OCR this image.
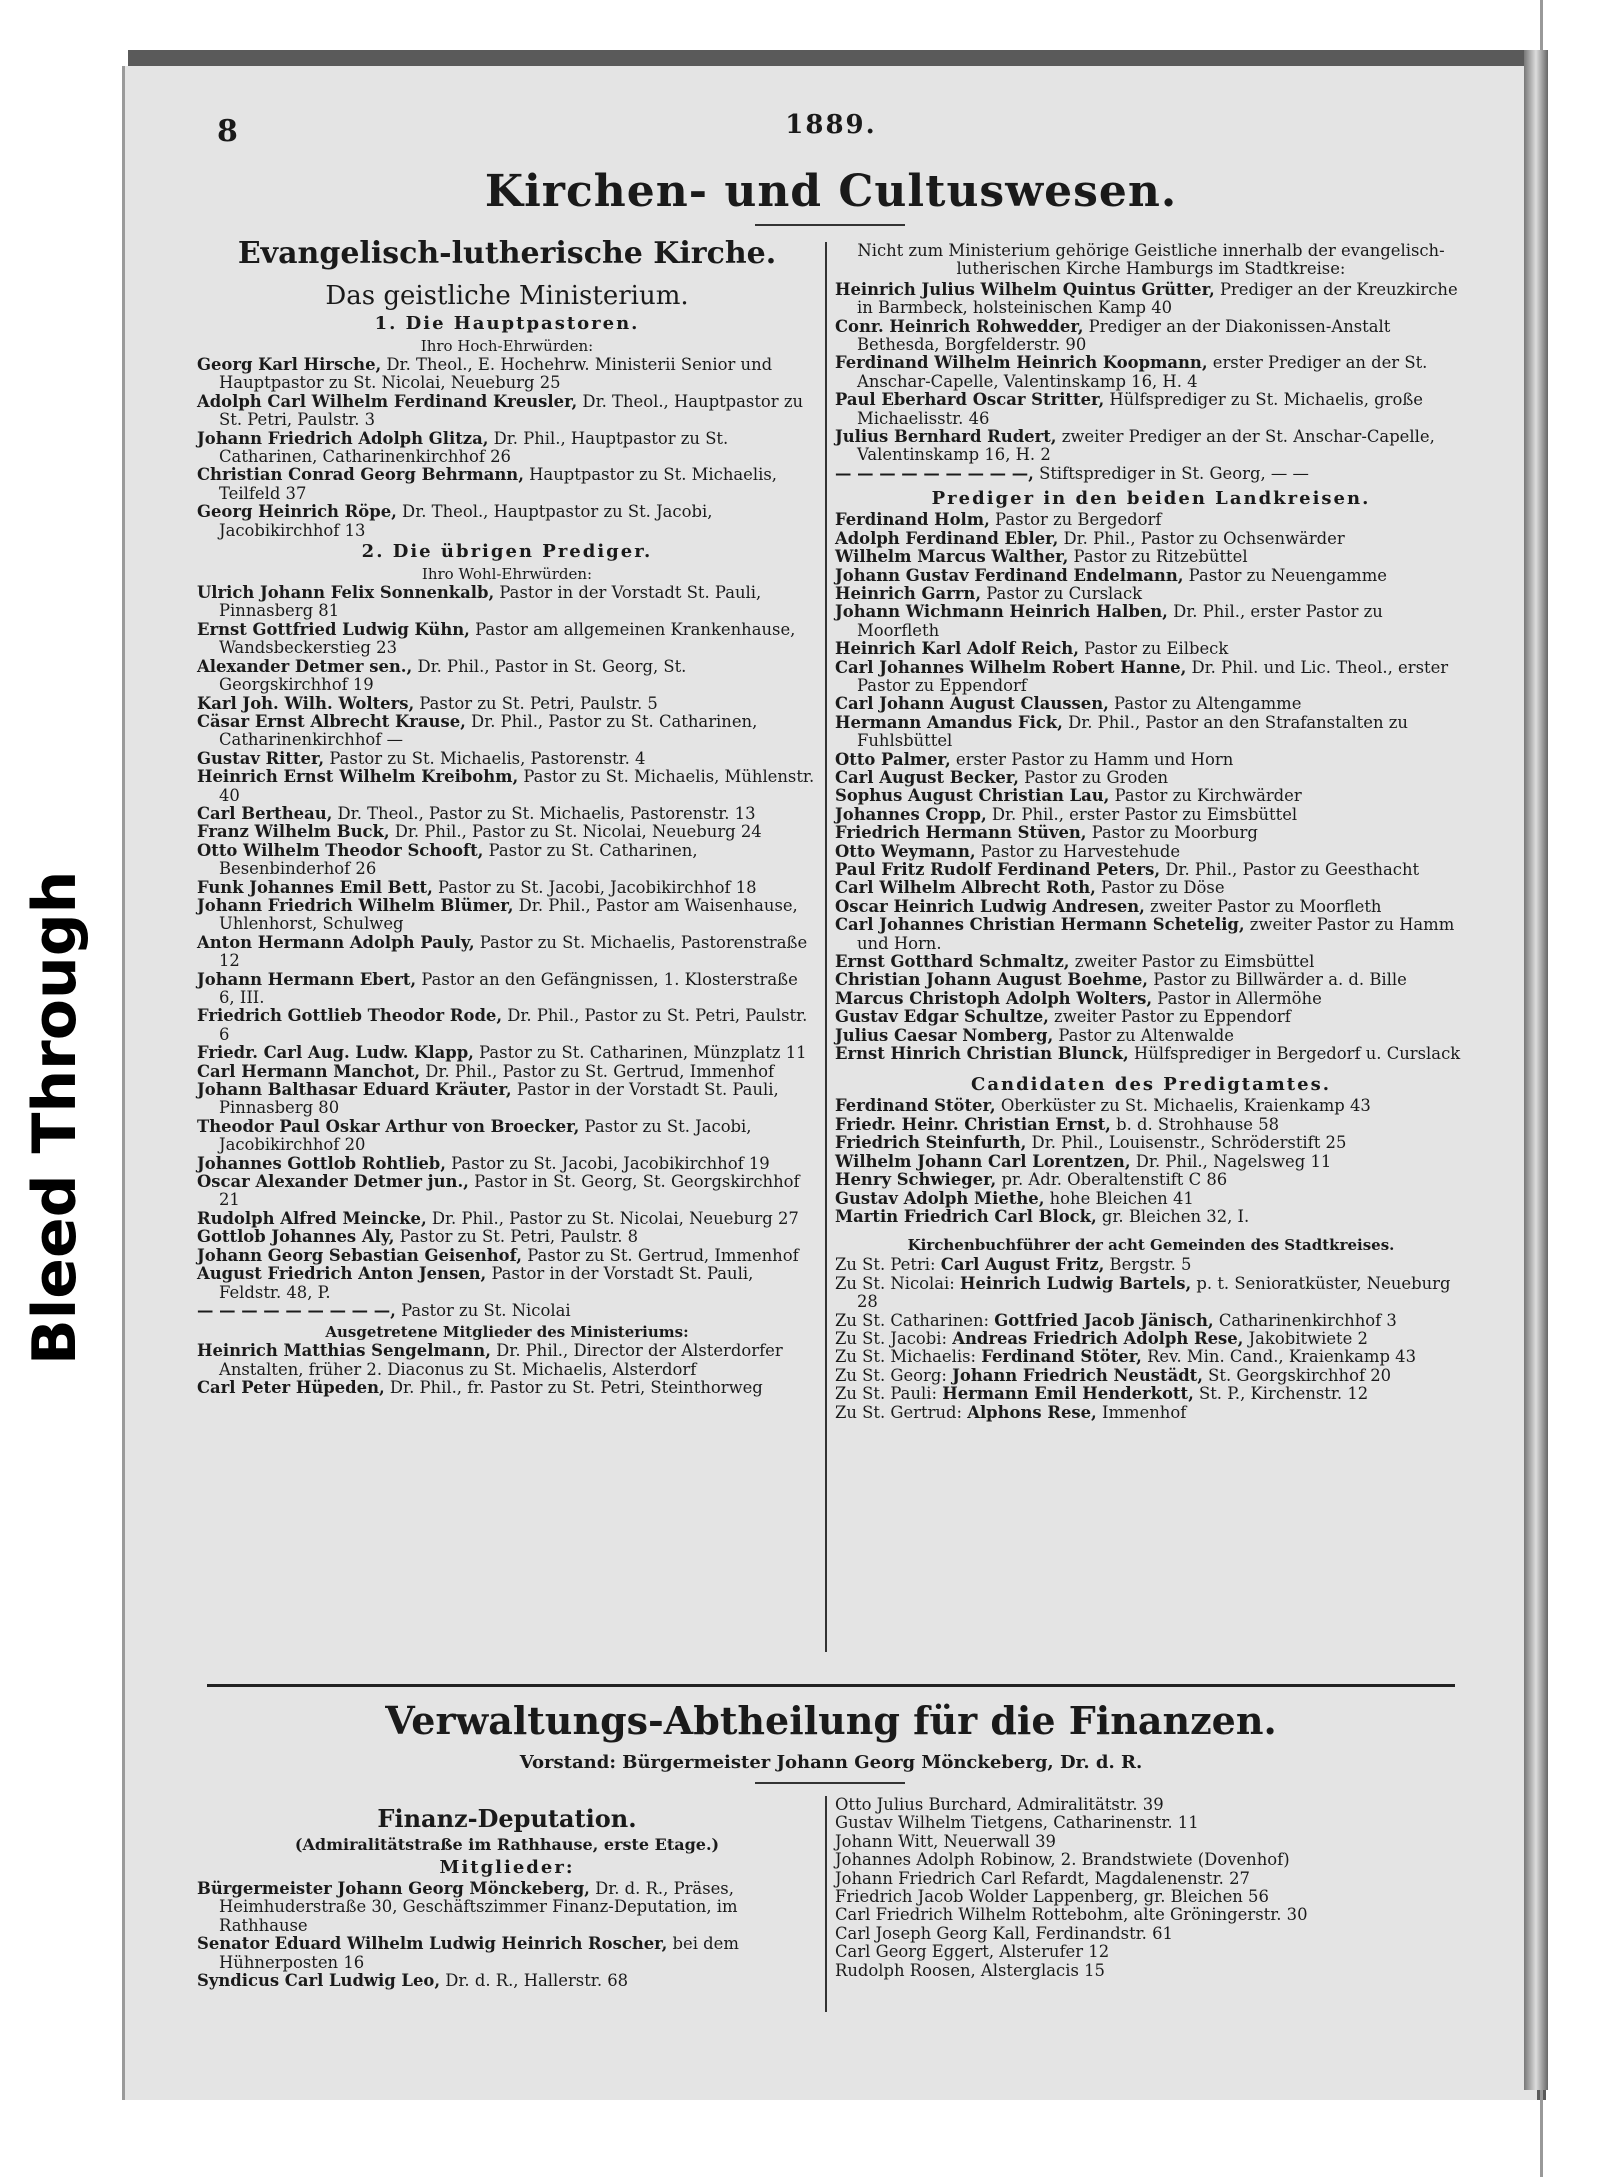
Bleed Through
8	1889.
Kirchen- und Cultuswesen.
Evangelisch-lutherische Kirche.
Das geistliche Ministerium.
1. Die Hauptpastoren.
Ihro Hoch-Ehrwürden:

Georg Karl Hirsche, Dr. Theol., E. Hochehrw. Ministerii Senior und Hauptpastor zu St. Nicolai, Neueburg 25

Adolph Carl Wilhelm Ferdinand Kreusler, Dr. Theol., Hauptpastor zu St. Petri, Paulstr. 3

Johann Friedrich Adolph Glitza, Dr. Phil., Hauptpastor zu St. Catharinen, Catharinenkirchhof 26

Christian Conrad Georg Behrmann, Hauptpastor zu St. Michaelis, Teilfeld 37

Georg Heinrich Röpe, Dr. Theol., Hauptpastor zu St. Jacobi, Jacobikirchhof 13

2. Die übrigen Prediger.
Ihro Wohl-Ehrwürden:

Ulrich Johann Felix Sonnenkalb, Pastor in der Vorstadt St. Pauli, Pinnasberg 81

Ernst Gottfried Ludwig Kühn, Pastor am allgemeinen Krankenhause, Wandsbeckerstieg 23

Alexander Detmer sen., Dr. Phil., Pastor in St. Georg, St. Georgskirchhof 19

Karl Joh. Wilh. Wolters, Pastor zu St. Petri, Paulstr. 5

Cäsar Ernst Albrecht Krause, Dr. Phil., Pastor zu St. Catharinen, Catharinenkirchhof —

Gustav Ritter, Pastor zu St. Michaelis, Pastorenstr. 4

Heinrich Ernst Wilhelm Kreibohm, Pastor zu St. Michaelis, Mühlenstr. 40

Carl Bertheau, Dr. Theol., Pastor zu St. Michaelis, Pastorenstr. 13

Franz Wilhelm Buck, Dr. Phil., Pastor zu St. Nicolai, Neueburg 24

Otto Wilhelm Theodor Schooft, Pastor zu St. Catharinen, Besenbinderhof 26

Funk Johannes Emil Bett, Pastor zu St. Jacobi, Jacobikirchhof 18

Johann Friedrich Wilhelm Blümer, Dr. Phil., Pastor am Waisenhause, Uhlenhorst, Schulweg

Anton Hermann Adolph Pauly, Pastor zu St. Michaelis, Pastorenstraße 12

Johann Hermann Ebert, Pastor an den Gefängnissen, 1. Klosterstraße 6, III.

Friedrich Gottlieb Theodor Rode, Dr. Phil., Pastor zu St. Petri, Paulstr. 6

Friedr. Carl Aug. Ludw. Klapp, Pastor zu St. Catharinen, Münzplatz 11

Carl Hermann Manchot, Dr. Phil., Pastor zu St. Gertrud, Immenhof

Johann Balthasar Eduard Kräuter, Pastor in der Vorstadt St. Pauli, Pinnasberg 80

Theodor Paul Oskar Arthur von Broecker, Pastor zu St. Jacobi, Jacobikirchhof 20

Johannes Gottlob Rohtlieb, Pastor zu St. Jacobi, Jacobikirchhof 19

Oscar Alexander Detmer jun., Pastor in St. Georg, St. Georgskirchhof 21

Rudolph Alfred Meincke, Dr. Phil., Pastor zu St. Nicolai, Neueburg 27

Gottlob Johannes Aly, Pastor zu St. Petri, Paulstr. 8

Johann Georg Sebastian Geisenhof, Pastor zu St. Gertrud, Immenhof

August Friedrich Anton Jensen, Pastor in der Vorstadt St. Pauli, Feldstr. 48, P.

— — — — — — — — —, Pastor zu St. Nicolai

Ausgetretene Mitglieder des Ministeriums:

Heinrich Matthias Sengelmann, Dr. Phil., Director der Alsterdorfer Anstalten, früher 2. Diaconus zu St. Michaelis, Alsterdorf

Carl Peter Hüpeden, Dr. Phil., fr. Pastor zu St. Petri, Steinthorweg

Nicht zum Ministerium gehörige Geistliche innerhalb der evangelisch-lutherischen Kirche Hamburgs im Stadtkreise:

Heinrich Julius Wilhelm Quintus Grütter, Prediger an der Kreuzkirche in Barmbeck, holsteinischen Kamp 40

Conr. Heinrich Rohwedder, Prediger an der Diakonissen-Anstalt Bethesda, Borgfelderstr. 90

Ferdinand Wilhelm Heinrich Koopmann, erster Prediger an der St. Anschar-Capelle, Valentinskamp 16, H. 4

Paul Eberhard Oscar Stritter, Hülfsprediger zu St. Michaelis, große Michaelisstr. 46

Julius Bernhard Rudert, zweiter Prediger an der St. Anschar-Capelle, Valentinskamp 16, H. 2

— — — — — — — — —, Stiftsprediger in St. Georg, — —

Prediger in den beiden Landkreisen.

Ferdinand Holm, Pastor zu Bergedorf

Adolph Ferdinand Ebler, Dr. Phil., Pastor zu Ochsenwärder

Wilhelm Marcus Walther, Pastor zu Ritzebüttel

Johann Gustav Ferdinand Endelmann, Pastor zu Neuengamme

Heinrich Garrn, Pastor zu Curslack

Johann Wichmann Heinrich Halben, Dr. Phil., erster Pastor zu Moorfleth

Heinrich Karl Adolf Reich, Pastor zu Eilbeck

Carl Johannes Wilhelm Robert Hanne, Dr. Phil. und Lic. Theol., erster Pastor zu Eppendorf

Carl Johann August Claussen, Pastor zu Altengamme

Hermann Amandus Fick, Dr. Phil., Pastor an den Strafanstalten zu Fuhlsbüttel

Otto Palmer, erster Pastor zu Hamm und Horn

Carl August Becker, Pastor zu Groden

Sophus August Christian Lau, Pastor zu Kirchwärder

Johannes Cropp, Dr. Phil., erster Pastor zu Eimsbüttel

Friedrich Hermann Stüven, Pastor zu Moorburg

Otto Weymann, Pastor zu Harvestehude

Paul Fritz Rudolf Ferdinand Peters, Dr. Phil., Pastor zu Geesthacht

Carl Wilhelm Albrecht Roth, Pastor zu Döse

Oscar Heinrich Ludwig Andresen, zweiter Pastor zu Moorfleth

Carl Johannes Christian Hermann Schetelig, zweiter Pastor zu Hamm und Horn.

Ernst Gotthard Schmaltz, zweiter Pastor zu Eimsbüttel

Christian Johann August Boehme, Pastor zu Billwärder a. d. Bille

Marcus Christoph Adolph Wolters, Pastor in Allermöhe

Gustav Edgar Schultze, zweiter Pastor zu Eppendorf

Julius Caesar Nomberg, Pastor zu Altenwalde

Ernst Hinrich Christian Blunck, Hülfsprediger in Bergedorf u. Curslack

Candidaten des Predigtamtes.

Ferdinand Stöter, Oberküster zu St. Michaelis, Kraienkamp 43

Friedr. Heinr. Christian Ernst, b. d. Strohhause 58

Friedrich Steinfurth, Dr. Phil., Louisenstr., Schröderstift 25

Wilhelm Johann Carl Lorentzen, Dr. Phil., Nagelsweg 11

Henry Schwieger, pr. Adr. Oberaltenstift C 86

Gustav Adolph Miethe, hohe Bleichen 41

Martin Friedrich Carl Block, gr. Bleichen 32, I.

Kirchenbuchführer der acht Gemeinden des Stadtkreises.

Zu St. Petri: Carl August Fritz, Bergstr. 5

Zu St. Nicolai: Heinrich Ludwig Bartels, p. t. Senioratküster, Neueburg 28

Zu St. Catharinen: Gottfried Jacob Jänisch, Catharinenkirchhof 3

Zu St. Jacobi: Andreas Friedrich Adolph Rese, Jakobitwiete 2

Zu St. Michaelis: Ferdinand Stöter, Rev. Min. Cand., Kraienkamp 43

Zu St. Georg: Johann Friedrich Neustädt, St. Georgskirchhof 20

Zu St. Pauli: Hermann Emil Henderkott, St. P., Kirchenstr. 12

Zu St. Gertrud: Alphons Rese, Immenhof

Verwaltungs-Abtheilung für die Finanzen.
Vorstand: Bürgermeister Johann Georg Mönckeberg, Dr. d. R.
Finanz-Deputation.
(Admiralitätstraße im Rathhause, erste Etage.)
Mitglieder:

Bürgermeister Johann Georg Mönckeberg, Dr. d. R., Präses, Heimhuderstraße 30, Geschäftszimmer Finanz-Deputation, im Rathhause

Senator Eduard Wilhelm Ludwig Heinrich Roscher, bei dem Hühnerposten 16

Syndicus Carl Ludwig Leo, Dr. d. R., Hallerstr. 68

Otto Julius Burchard, Admiralitätstr. 39

Gustav Wilhelm Tietgens, Catharinenstr. 11

Johann Witt, Neuerwall 39

Johannes Adolph Robinow, 2. Brandstwiete (Dovenhof)

Johann Friedrich Carl Refardt, Magdalenenstr. 27

Friedrich Jacob Wolder Lappenberg, gr. Bleichen 56

Carl Friedrich Wilhelm Rottebohm, alte Gröningerstr. 30

Carl Joseph Georg Kall, Ferdinandstr. 61

Carl Georg Eggert, Alsterufer 12

Rudolph Roosen, Alsterglacis 15
